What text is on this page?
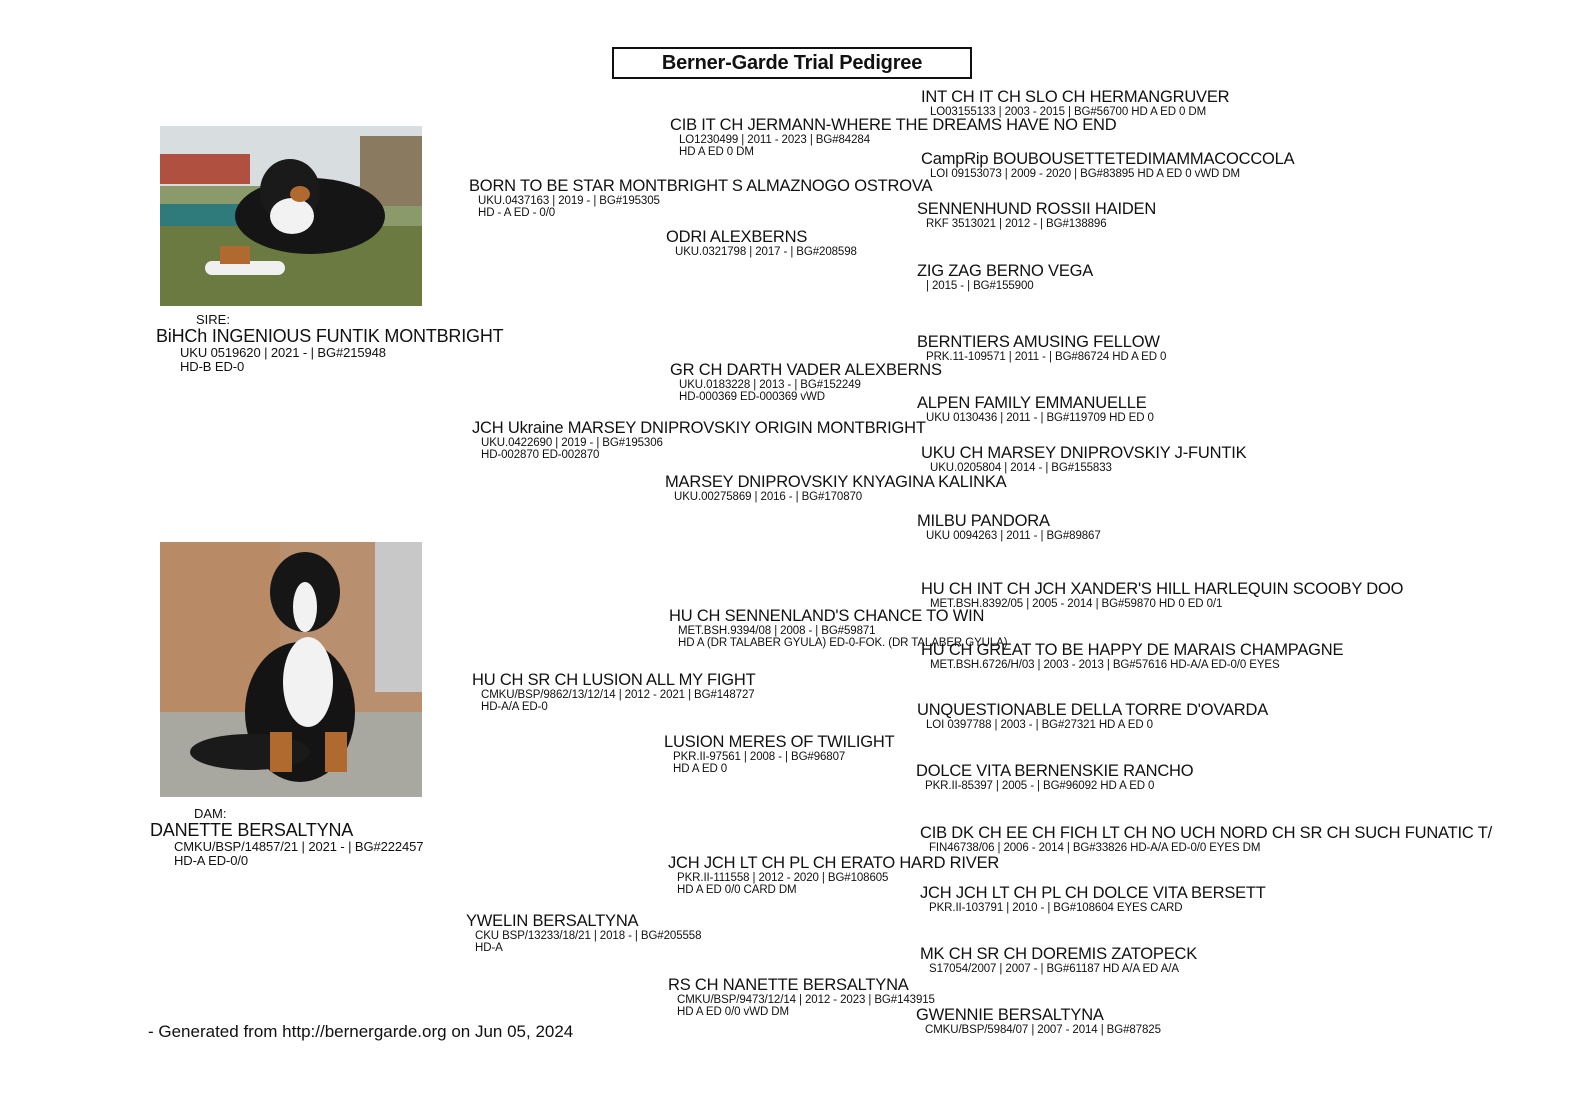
Berner-Garde Trial Pedigree
SIRE:
BiHCh INGENIOUS FUNTIK MONTBRIGHT
UKU 0519620 | 2021 - | BG#215948
HD-B ED-0
DAM:
DANETTE BERSALTYNA
CMKU/BSP/14857/21 | 2021 - | BG#222457
HD-A ED-0/0
BORN TO BE STAR MONTBRIGHT S ALMAZNOGO OSTROVA
UKU.0437163 | 2019 - | BG#195305
HD - A ED - 0/0
JCH Ukraine MARSEY DNIPROVSKIY ORIGIN MONTBRIGHT
UKU.0422690 | 2019 - | BG#195306
HD-002870 ED-002870
HU CH SR CH LUSION ALL MY FIGHT
CMKU/BSP/9862/13/12/14 | 2012 - 2021 | BG#148727
HD-A/A ED-0
YWELIN BERSALTYNA
CKU BSP/13233/18/21 | 2018 - | BG#205558
HD-A
CIB IT CH JERMANN-WHERE THE DREAMS HAVE NO END
LO1230499 | 2011 - 2023 | BG#84284
HD A ED 0 DM
ODRI ALEXBERNS
UKU.0321798 | 2017 - | BG#208598
GR CH DARTH VADER ALEXBERNS
UKU.0183228 | 2013 - | BG#152249
HD-000369 ED-000369 vWD
MARSEY DNIPROVSKIY KNYAGINA KALINKA
UKU.00275869 | 2016 - | BG#170870
HU CH SENNENLAND'S CHANCE TO WIN
MET.BSH.9394/08 | 2008 - | BG#59871
HD A (DR TALABER GYULA) ED-0-FOK. (DR TALABER GYULA)
LUSION MERES OF TWILIGHT
PKR.II-97561 | 2008 - | BG#96807
HD A ED 0
JCH JCH LT CH PL CH ERATO HARD RIVER
PKR.II-111558 | 2012 - 2020 | BG#108605
HD A ED 0/0 CARD DM
RS CH NANETTE BERSALTYNA
CMKU/BSP/9473/12/14 | 2012 - 2023 | BG#143915
HD A ED 0/0 vWD DM
INT CH IT CH SLO CH HERMANGRUVER
LO03155133 | 2003 - 2015 | BG#56700 HD A ED 0 DM
CampRip BOUBOUSETTETEDIMAMMACOCCOLA
LOI 09153073 | 2009 - 2020 | BG#83895 HD A ED 0 vWD DM
SENNENHUND ROSSII HAIDEN
RKF 3513021 | 2012 - | BG#138896
ZIG ZAG BERNO VEGA
| 2015 - | BG#155900
BERNTIERS AMUSING FELLOW
PRK.11-109571 | 2011 - | BG#86724 HD A ED 0
ALPEN FAMILY EMMANUELLE
UKU 0130436 | 2011 - | BG#119709 HD ED 0
UKU CH MARSEY DNIPROVSKIY J-FUNTIK
UKU.0205804 | 2014 - | BG#155833
MILBU PANDORA
UKU 0094263 | 2011 - | BG#89867
HU CH INT CH JCH XANDER'S HILL HARLEQUIN SCOOBY DOO
MET.BSH.8392/05 | 2005 - 2014 | BG#59870 HD 0 ED 0/1
HU CH GREAT TO BE HAPPY DE MARAIS CHAMPAGNE
MET.BSH.6726/H/03 | 2003 - 2013 | BG#57616 HD-A/A ED-0/0 EYES
UNQUESTIONABLE DELLA TORRE D'OVARDA
LOI 0397788 | 2003 - | BG#27321 HD A ED 0
DOLCE VITA BERNENSKIE RANCHO
PKR.II-85397 | 2005 - | BG#96092 HD A ED 0
CIB DK CH EE CH FICH LT CH NO UCH NORD CH SR CH SUCH FUNATIC T/
FIN46738/06 | 2006 - 2014 | BG#33826 HD-A/A ED-0/0 EYES DM
JCH JCH LT CH PL CH DOLCE VITA BERSETT
PKR.II-103791 | 2010 - | BG#108604 EYES CARD
MK CH SR CH DOREMIS ZATOPECK
S17054/2007 | 2007 - | BG#61187 HD A/A ED A/A
GWENNIE BERSALTYNA
CMKU/BSP/5984/07 | 2007 - 2014 | BG#87825
- Generated from http://bernergarde.org on Jun 05, 2024
